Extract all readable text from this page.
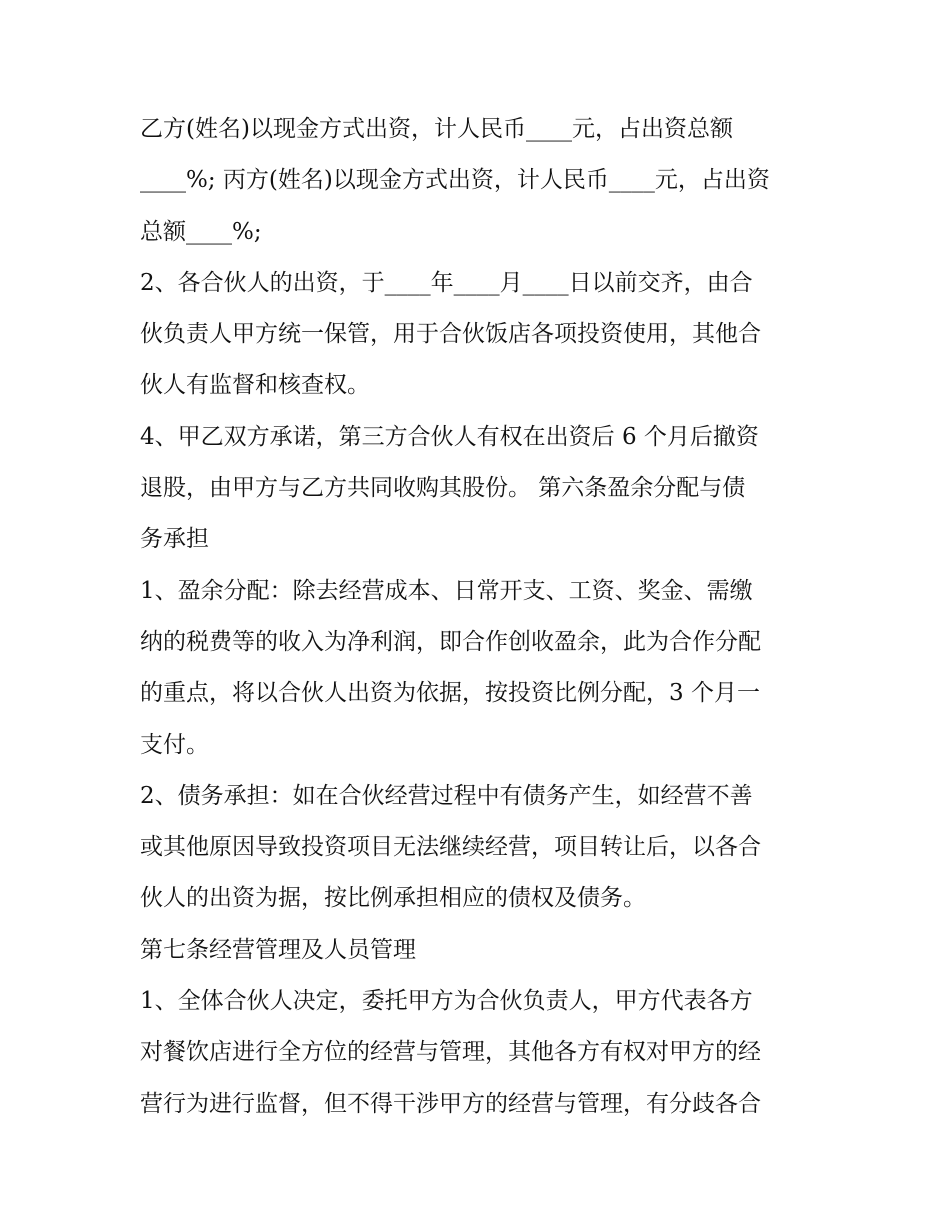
乙方(姓名)以现金方式出资，计人民币____元，占出资总额
____%; 丙方(姓名)以现金方式出资，计人民币____元，占出资
总额____%;
2、各合伙人的出资，于____年____月____日以前交齐，由合
伙负责人甲方统一保管，用于合伙饭店各项投资使用，其他合
伙人有监督和核查权。
4、甲乙双方承诺，第三方合伙人有权在出资后 6 个月后撤资
退股，由甲方与乙方共同收购其股份。 第六条盈余分配与债
务承担
1、盈余分配：除去经营成本、日常开支、工资、奖金、需缴
纳的税费等的收入为净利润，即合作创收盈余，此为合作分配
的重点，将以合伙人出资为依据，按投资比例分配，3 个月一
支付。
2、债务承担：如在合伙经营过程中有债务产生，如经营不善
或其他原因导致投资项目无法继续经营，项目转让后，以各合
伙人的出资为据，按比例承担相应的债权及债务。
第七条经营管理及人员管理
1、全体合伙人决定，委托甲方为合伙负责人，甲方代表各方
对餐饮店进行全方位的经营与管理，其他各方有权对甲方的经
营行为进行监督，但不得干涉甲方的经营与管理，有分歧各合
